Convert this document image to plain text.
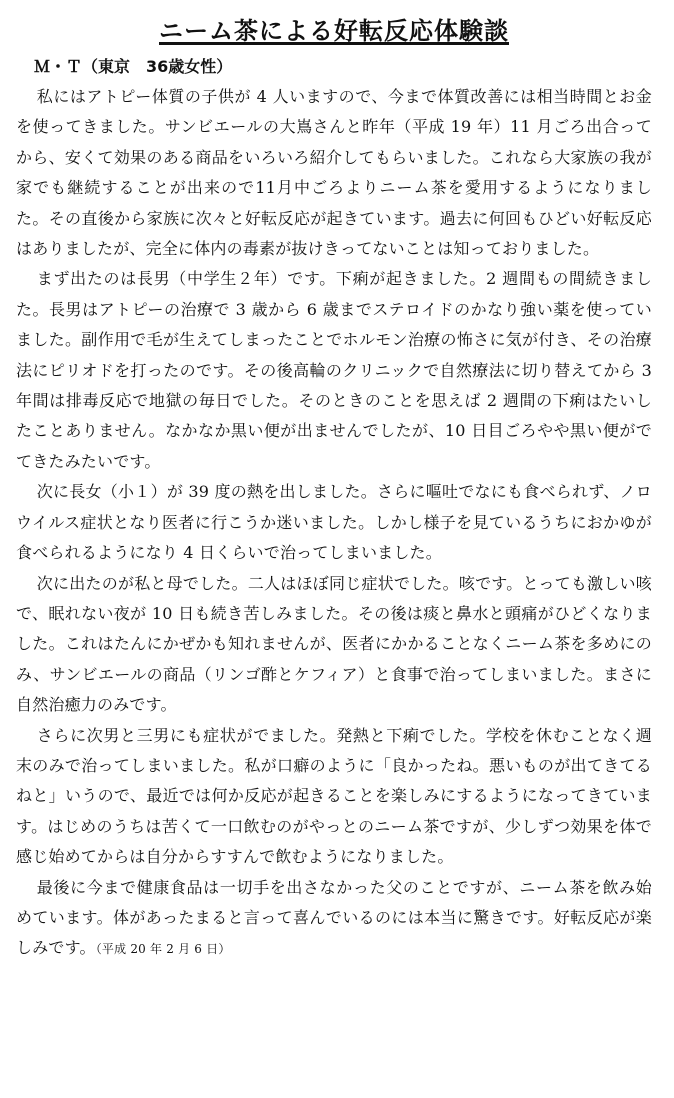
ニーム茶による好転反応体験談
Ｍ・Ｔ（東京　36歳女性）

私にはアトピー体質の子供が 4 人いますので、今まで体質改善には相当時間とお金を使ってきました。サンビエールの大嶌さんと昨年（平成 19 年）11 月ごろ出合ってから、安くて効果のある商品をいろいろ紹介してもらいました。これなら大家族の我が家でも継続することが出来ので11月中ごろよりニーム茶を愛用するようになりました。その直後から家族に次々と好転反応が起きています。過去に何回もひどい好転反応はありましたが、完全に体内の毒素が抜けきってないことは知っておりました。

まず出たのは長男（中学生２年）です。下痢が起きました。2 週間もの間続きました。長男はアトピーの治療で 3 歳から 6 歳までステロイドのかなり強い薬を使っていました。副作用で毛が生えてしまったことでホルモン治療の怖さに気が付き、その治療法にピリオドを打ったのです。その後高輪のクリニックで自然療法に切り替えてから 3 年間は排毒反応で地獄の毎日でした。そのときのことを思えば 2 週間の下痢はたいしたことありません。なかなか黒い便が出ませんでしたが、10 日目ごろやや黒い便がでてきたみたいです。

次に長女（小１）が 39 度の熱を出しました。さらに嘔吐でなにも食べられず、ノロウイルス症状となり医者に行こうか迷いました。しかし様子を見ているうちにおかゆが食べられるようになり 4 日くらいで治ってしまいました。

次に出たのが私と母でした。二人はほぼ同じ症状でした。咳です。とっても激しい咳で、眠れない夜が 10 日も続き苦しみました。その後は痰と鼻水と頭痛がひどくなりました。これはたんにかぜかも知れませんが、医者にかかることなくニーム茶を多めにのみ、サンビエールの商品（リンゴ酢とケフィア）と食事で治ってしまいました。まさに自然治癒力のみです。

さらに次男と三男にも症状がでました。発熱と下痢でした。学校を休むことなく週末のみで治ってしまいました。私が口癖のように「良かったね。悪いものが出てきてるねと」いうので、最近では何か反応が起きることを楽しみにするようになってきています。はじめのうちは苦くて一口飲むのがやっとのニーム茶ですが、少しずつ効果を体で感じ始めてからは自分からすすんで飲むようになりました。

最後に今まで健康食品は一切手を出さなかった父のことですが、ニーム茶を飲み始めています。体があったまると言って喜んでいるのには本当に驚きです。好転反応が楽しみです。（平成 20 年 2 月 6 日）
